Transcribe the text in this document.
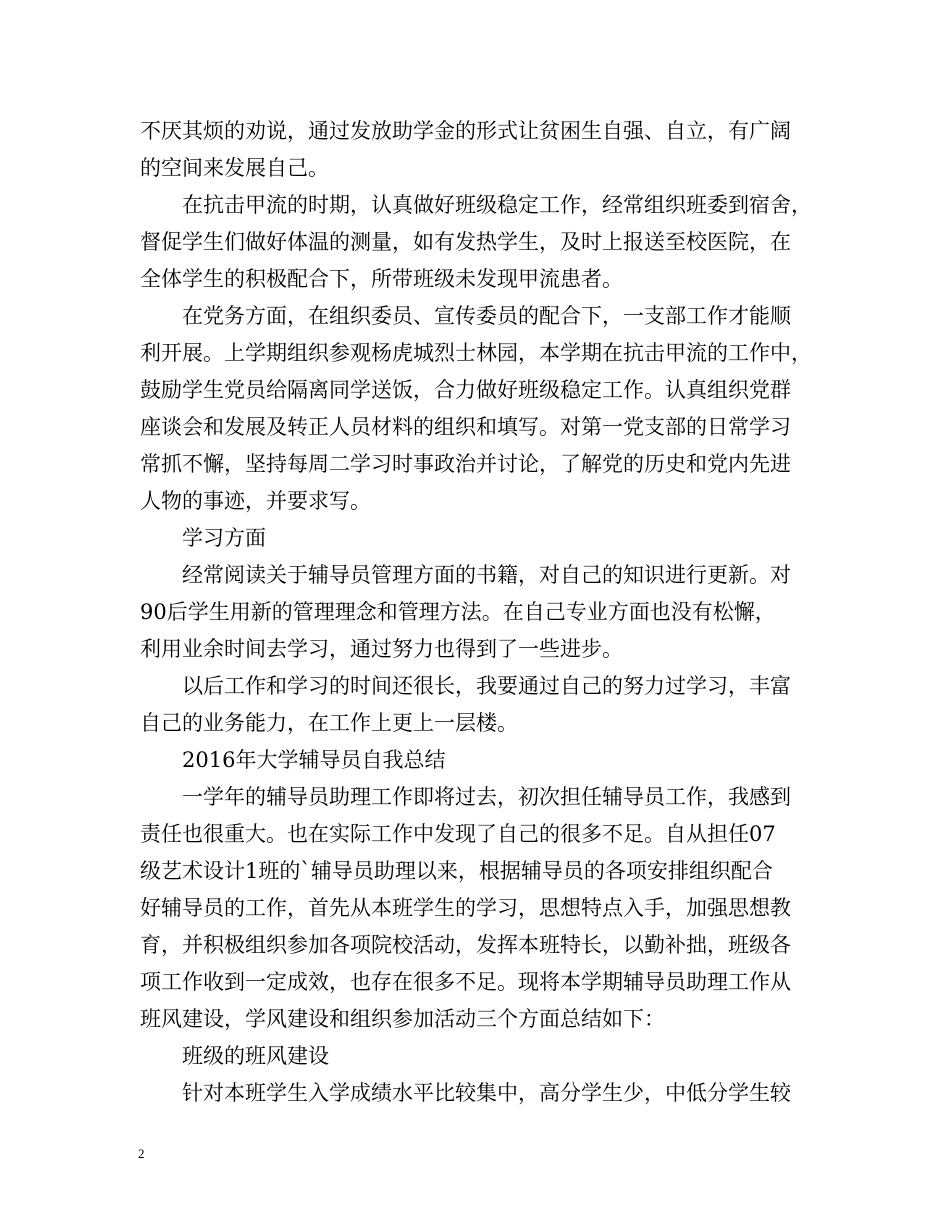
不厌其烦的劝说，通过发放助学金的形式让贫困生自强、自立，有广阔
的空间来发展自己。
在抗击甲流的时期，认真做好班级稳定工作，经常组织班委到宿舍，
督促学生们做好体温的测量，如有发热学生，及时上报送至校医院，在
全体学生的积极配合下，所带班级未发现甲流患者。
在党务方面，在组织委员、宣传委员的配合下，一支部工作才能顺
利开展。上学期组织参观杨虎城烈士林园，本学期在抗击甲流的工作中，
鼓励学生党员给隔离同学送饭，合力做好班级稳定工作。认真组织党群
座谈会和发展及转正人员材料的组织和填写。对第一党支部的日常学习
常抓不懈，坚持每周二学习时事政治并讨论，了解党的历史和党内先进
人物的事迹，并要求写。
学习方面
经常阅读关于辅导员管理方面的书籍，对自己的知识进行更新。对
90后学生用新的管理理念和管理方法。在自己专业方面也没有松懈，
利用业余时间去学习，通过努力也得到了一些进步。
以后工作和学习的时间还很长，我要通过自己的努力过学习，丰富
自己的业务能力，在工作上更上一层楼。
2016年大学辅导员自我总结
一学年的辅导员助理工作即将过去，初次担任辅导员工作，我感到
责任也很重大。也在实际工作中发现了自己的很多不足。自从担任07
级艺术设计1班的`辅导员助理以来，根据辅导员的各项安排组织配合
好辅导员的工作，首先从本班学生的学习，思想特点入手，加强思想教
育，并积极组织参加各项院校活动，发挥本班特长，以勤补拙，班级各
项工作收到一定成效，也存在很多不足。现将本学期辅导员助理工作从
班风建设，学风建设和组织参加活动三个方面总结如下：
班级的班风建设
针对本班学生入学成绩水平比较集中，高分学生少，中低分学生较
2
